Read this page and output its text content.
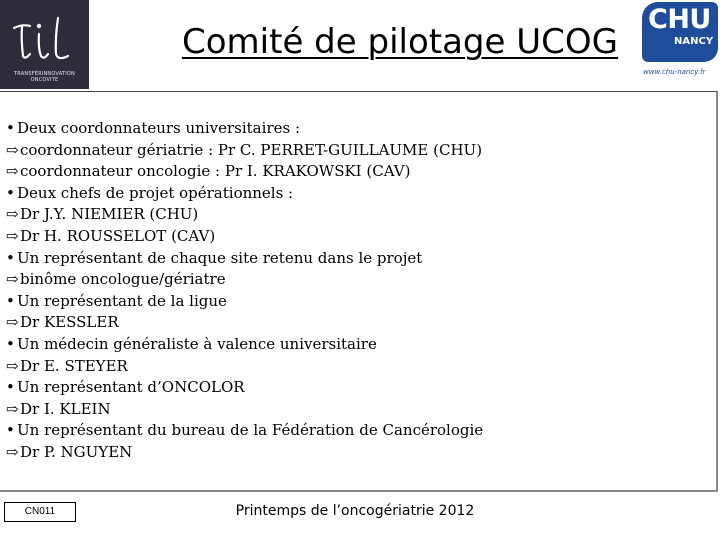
TRANSFÉRINNOVATION ONCOVITE
Comité de pilotage UCOG
CHU
NANCY
www.chu-nancy.fr
• Deux coordonnateurs universitaires :
⇨coordonnateur gériatrie : Pr C. PERRET-GUILLAUME (CHU)
⇨coordonnateur oncologie : Pr I. KRAKOWSKI (CAV)
• Deux chefs de projet opérationnels :
⇨Dr J.Y. NIEMIER (CHU)
⇨Dr H. ROUSSELOT (CAV)
• Un représentant de chaque site retenu dans le projet
⇨binôme oncologue/gériatre
• Un représentant de la ligue
⇨Dr KESSLER
• Un médecin généraliste à valence universitaire
⇨Dr E. STEYER
• Un représentant d’ONCOLOR
⇨Dr I. KLEIN
• Un représentant du bureau de la Fédération de Cancérologie
⇨Dr P. NGUYEN
CN011	Printemps de l’oncogériatrie 2012
